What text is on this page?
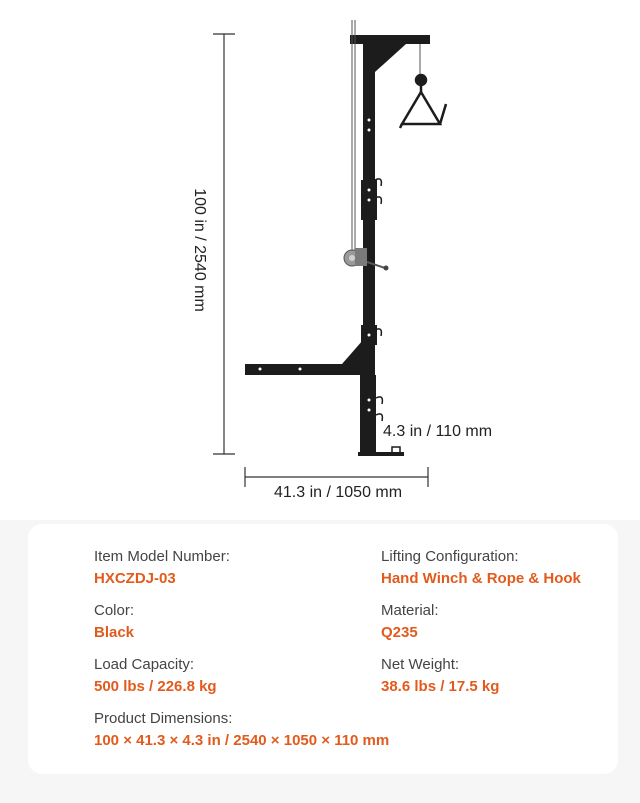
100 in / 2540 mm
4.3 in / 110 mm
41.3 in / 1050 mm
Item Model Number:
HXCZDJ-03
Lifting Configuration:
Hand Winch & Rope & Hook
Color:
Black
Material:
Q235
Load Capacity:
500 lbs / 226.8 kg
Net Weight:
38.6 lbs / 17.5 kg
Product Dimensions:
100 × 41.3 × 4.3 in / 2540 × 1050 × 110 mm
